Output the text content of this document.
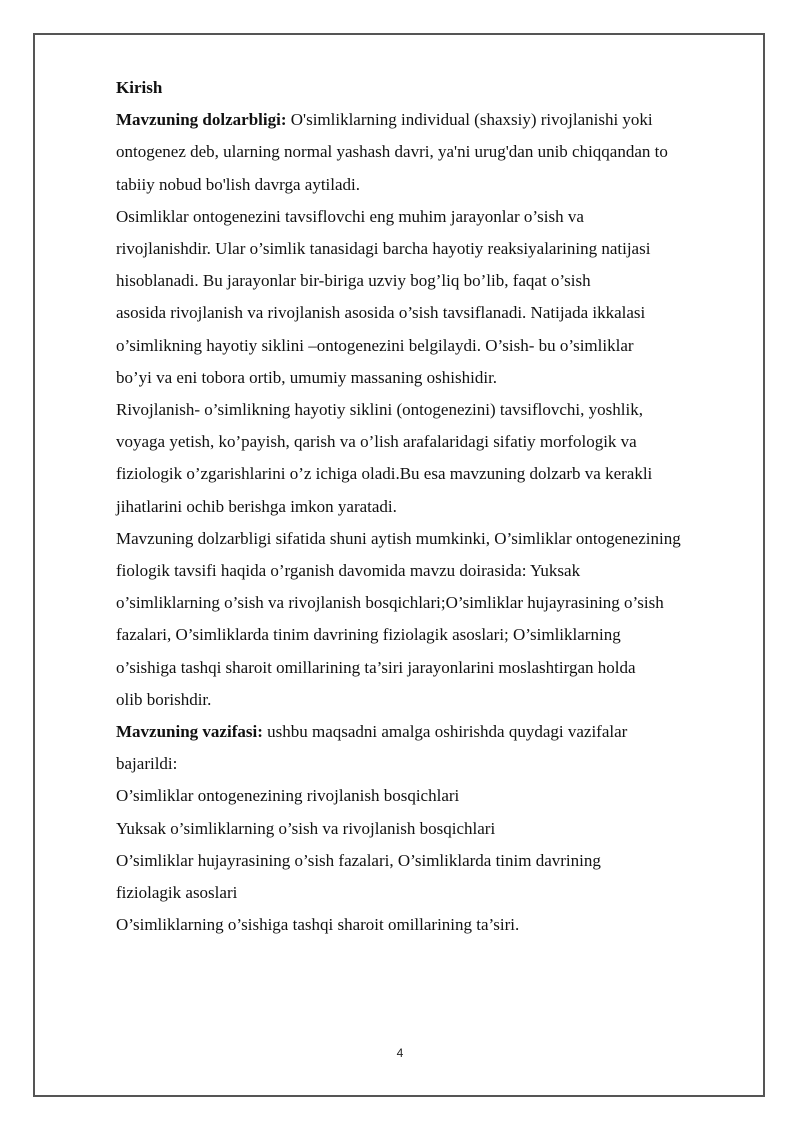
Kirish

Mavzuning dolzarbligi: O'simliklarning individual (shaxsiy) rivojlanishi yoki

ontogenez deb, ularning normal yashash davri, ya'ni urug'dan unib chiqqandan to

tabiiy nobud bo'lish davrga aytiladi.

Osimliklar ontogenezini tavsiflovchi eng muhim jarayonlar o’sish va

rivojlanishdir. Ular o’simlik tanasidagi barcha hayotiy reaksiyalarining natijasi

hisoblanadi. Bu jarayonlar bir-biriga uzviy bog’liq bo’lib, faqat o’sish

asosida rivojlanish va rivojlanish asosida o’sish tavsiflanadi. Natijada ikkalasi

o’simlikning hayotiy siklini –ontogenezini belgilaydi. O’sish- bu o’simliklar

bo’yi va eni tobora ortib, umumiy massaning oshishidir.

Rivojlanish- o’simlikning hayotiy siklini (ontogenezini) tavsiflovchi, yoshlik,

voyaga yetish, ko’payish, qarish va o’lish arafalaridagi sifatiy morfologik va

fiziologik o’zgarishlarini o’z ichiga oladi.Bu esa mavzuning dolzarb va kerakli

jihatlarini ochib berishga imkon yaratadi.

Mavzuning dolzarbligi sifatida shuni aytish mumkinki, O’simliklar ontogenezining

fiologik tavsifi haqida o’rganish davomida mavzu doirasida: Yuksak

o’simliklarning o’sish va rivojlanish bosqichlari;O’simliklar hujayrasining o’sish

fazalari, O’simliklarda tinim davrining fiziolagik asoslari; O’simliklarning

o’sishiga tashqi sharoit omillarining ta’siri jarayonlarini moslashtirgan holda

olib borishdir.

Mavzuning vazifasi: ushbu maqsadni amalga oshirishda quydagi vazifalar

bajarildi:

O’simliklar ontogenezining rivojlanish bosqichlari

Yuksak o’simliklarning o’sish va rivojlanish bosqichlari

O’simliklar hujayrasining o’sish fazalari, O’simliklarda tinim davrining

fiziolagik asoslari

O’simliklarning o’sishiga tashqi sharoit omillarining ta’siri.

4
